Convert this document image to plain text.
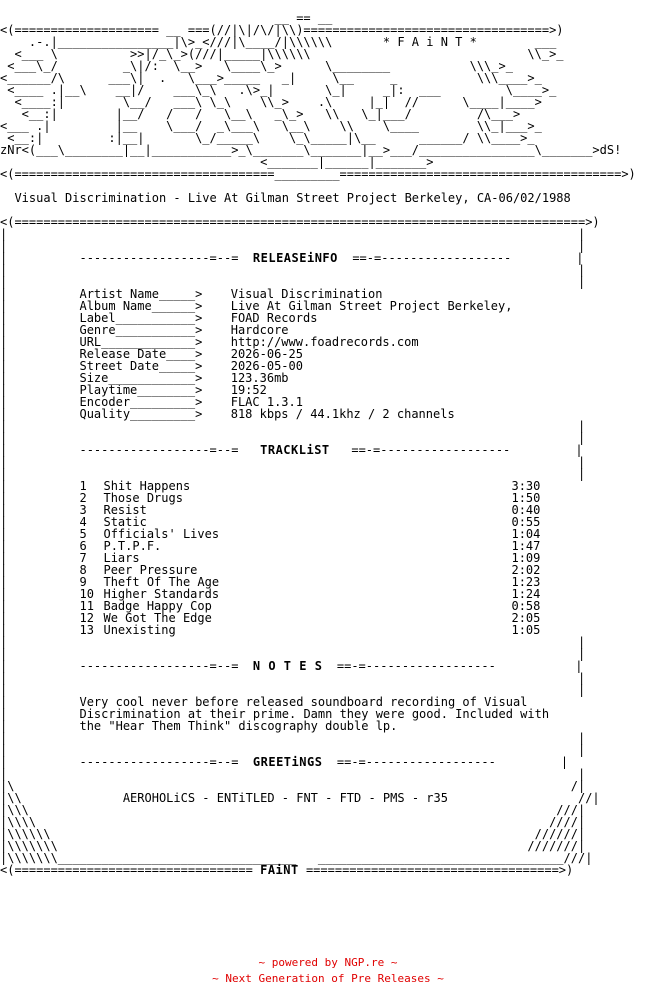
__ == __
<(==================== __ ===(//|\|/\/|\\)==================================>)
.-.|________________|\>_<///|\____/|\\\\\\       * F A i N T *        ___
<___ \          >>|/_\_>(///|_____|\\\\\\                              \\_>_
<___\_/         _\|/:  \__>   \____\_>      \________           \\\_>_
<______/\      ___\|  .   \___>_____   _|     \__     _           \\\____>_
<____ .|__\    __|/    ___\_\   .\>_|       \_|     _|:  ___         \____>_
<____:|        \__/   ___\ \_\    \\_>    .\     |_|  //      \____|____>
<__:|        |__/   /   /   \__\   _\_>   \\   \_|___/         /\___>
<___ .|         |__    \___/  _\___\   \__\    \\    \____        \\_|___>_
<__:|         :|__|       \_/_____\    \_\_____|\__      ______/ \\____>_
zNr<(___\________|__|___________>_\_______\_______|__>___/________________\_______>dS!
<_______|______|_______>
<(====================================_________=======================================>)
Visual Discrimination - Live At Gilman Street Project Berkeley, CA-06/02/1988
<(===============================================================================>)
|                                                                               |
|                                                                               |
|          ------------------=--= RELEASEiNFO ==-=------------------         |
|                                                                               |
|                                                                               |
|          Artist Name_____> Visual Discrimination
|          Album Name______> Live At Gilman Street Project Berkeley,
|          Label___________> FOAD Records
|          Genre___________> Hardcore
|          URL_____________> http://www.foadrecords.com
|          Release Date____> 2026-06-25
|          Street Date_____> 2026-05-00
|          Size____________> 123.36mb
|          Playtime________> 19:52
|          Encoder_________> FLAC 1.3.1
|          Quality_________> 818 kbps / 44.1khz / 2 channels
|                                                                               |
|                                                                               |
|          ------------------=--= TRACKLiST ==-=------------------         |
|                                                                               |
|                                                                               |
|          1 Shit Happens	3:30
|          2 Those Drugs	1:50
|          3 Resist	0:40
|          4 Static	0:55
|          5 Officials' Lives	1:04
|          6 P.T.P.F.	1:47
|          7 Liars	1:09
|          8 Peer Pressure	2:02
|          9 Theft Of The Age	1:23
|          10 Higher Standards	1:24
|          11 Badge Happy Cop	0:58
|          12 We Got The Edge	2:05
|          13 Unexisting	1:05
|                                                                               |
|                                                                               |
|          ------------------=--= N O T E S ==-=------------------           |
|                                                                               |
|                                                                               |
|          Very cool never before released soundboard recording of Visual
|          Discrimination at their prime. Damn they were good. Included with
|          the "Hear Them Think" discography double lp.
|                                                                               |
|                                                                               |
|          ------------------=--= GREETiNGS ==-=------------------         |
|                                                                               |
|\                                                                             /|
|\\              AEROHOLiCS - ENTiTLED - FNT - FTD - PMS - r35                  //|
|\\\                                                                         ///|
|\\\\                                                                       ////|
|\\\\\\                                                                   //////|
|\\\\\\\                                                                 ///////|
|\\\\\\\_________________________________   __________________________________///|
<(================================= FAiNT ===================================>)
~ powered by NGP.re ~
~ Next Generation of Pre Releases ~
